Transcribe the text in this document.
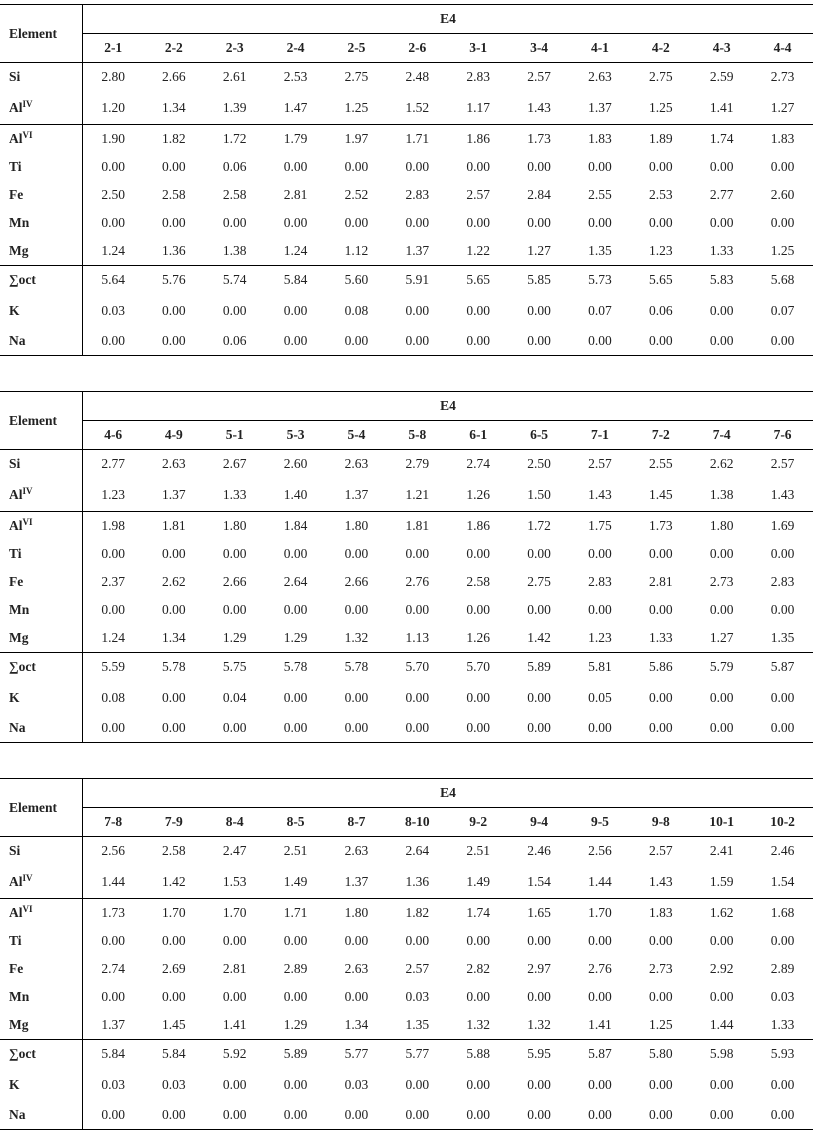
Element	E4											
	2-1	2-2	2-3	2-4	2-5	2-6	3-1	3-4	4-1	4-2	4-3	4-4
Si	2.80	2.66	2.61	2.53	2.75	2.48	2.83	2.57	2.63	2.75	2.59	2.73
$Al^{IV}$	1.20	1.34	1.39	1.47	1.25	1.52	1.17	1.43	1.37	1.25	1.41	1.27
$Al^{VI}$	1.90	1.82	1.72	1.79	1.97	1.71	1.86	1.73	1.83	1.89	1.74	1.83
Ti	0.00	0.00	0.06	0.00	0.00	0.00	0.00	0.00	0.00	0.00	0.00	0.00
Fe	2.50	2.58	2.58	2.81	2.52	2.83	2.57	2.84	2.55	2.53	2.77	2.60
Mn	0.00	0.00	0.00	0.00	0.00	0.00	0.00	0.00	0.00	0.00	0.00	0.00
Mg	1.24	1.36	1.38	1.24	1.12	1.37	1.22	1.27	1.35	1.23	1.33	1.25
∑oct	5.64	5.76	5.74	5.84	5.60	5.91	5.65	5.85	5.73	5.65	5.83	5.68
K	0.03	0.00	0.00	0.00	0.08	0.00	0.00	0.00	0.07	0.06	0.00	0.07
Na	0.00	0.00	0.06	0.00	0.00	0.00	0.00	0.00	0.00	0.00	0.00	0.00
Element	E4											
	4-6	4-9	5-1	5-3	5-4	5-8	6-1	6-5	7-1	7-2	7-4	7-6
Si	2.77	2.63	2.67	2.60	2.63	2.79	2.74	2.50	2.57	2.55	2.62	2.57
$Al^{IV}$	1.23	1.37	1.33	1.40	1.37	1.21	1.26	1.50	1.43	1.45	1.38	1.43
$Al^{VI}$	1.98	1.81	1.80	1.84	1.80	1.81	1.86	1.72	1.75	1.73	1.80	1.69
Ti	0.00	0.00	0.00	0.00	0.00	0.00	0.00	0.00	0.00	0.00	0.00	0.00
Fe	2.37	2.62	2.66	2.64	2.66	2.76	2.58	2.75	2.83	2.81	2.73	2.83
Mn	0.00	0.00	0.00	0.00	0.00	0.00	0.00	0.00	0.00	0.00	0.00	0.00
Mg	1.24	1.34	1.29	1.29	1.32	1.13	1.26	1.42	1.23	1.33	1.27	1.35
∑oct	5.59	5.78	5.75	5.78	5.78	5.70	5.70	5.89	5.81	5.86	5.79	5.87
K	0.08	0.00	0.04	0.00	0.00	0.00	0.00	0.00	0.05	0.00	0.00	0.00
Na	0.00	0.00	0.00	0.00	0.00	0.00	0.00	0.00	0.00	0.00	0.00	0.00
Element	E4											
	7-8	7-9	8-4	8-5	8-7	8-10	9-2	9-4	9-5	9-8	10-1	10-2
Si	2.56	2.58	2.47	2.51	2.63	2.64	2.51	2.46	2.56	2.57	2.41	2.46
$Al^{IV}$	1.44	1.42	1.53	1.49	1.37	1.36	1.49	1.54	1.44	1.43	1.59	1.54
$Al^{VI}$	1.73	1.70	1.70	1.71	1.80	1.82	1.74	1.65	1.70	1.83	1.62	1.68
Ti	0.00	0.00	0.00	0.00	0.00	0.00	0.00	0.00	0.00	0.00	0.00	0.00
Fe	2.74	2.69	2.81	2.89	2.63	2.57	2.82	2.97	2.76	2.73	2.92	2.89
Mn	0.00	0.00	0.00	0.00	0.00	0.03	0.00	0.00	0.00	0.00	0.00	0.03
Mg	1.37	1.45	1.41	1.29	1.34	1.35	1.32	1.32	1.41	1.25	1.44	1.33
∑oct	5.84	5.84	5.92	5.89	5.77	5.77	5.88	5.95	5.87	5.80	5.98	5.93
K	0.03	0.03	0.00	0.00	0.03	0.00	0.00	0.00	0.00	0.00	0.00	0.00
Na	0.00	0.00	0.00	0.00	0.00	0.00	0.00	0.00	0.00	0.00	0.00	0.00
